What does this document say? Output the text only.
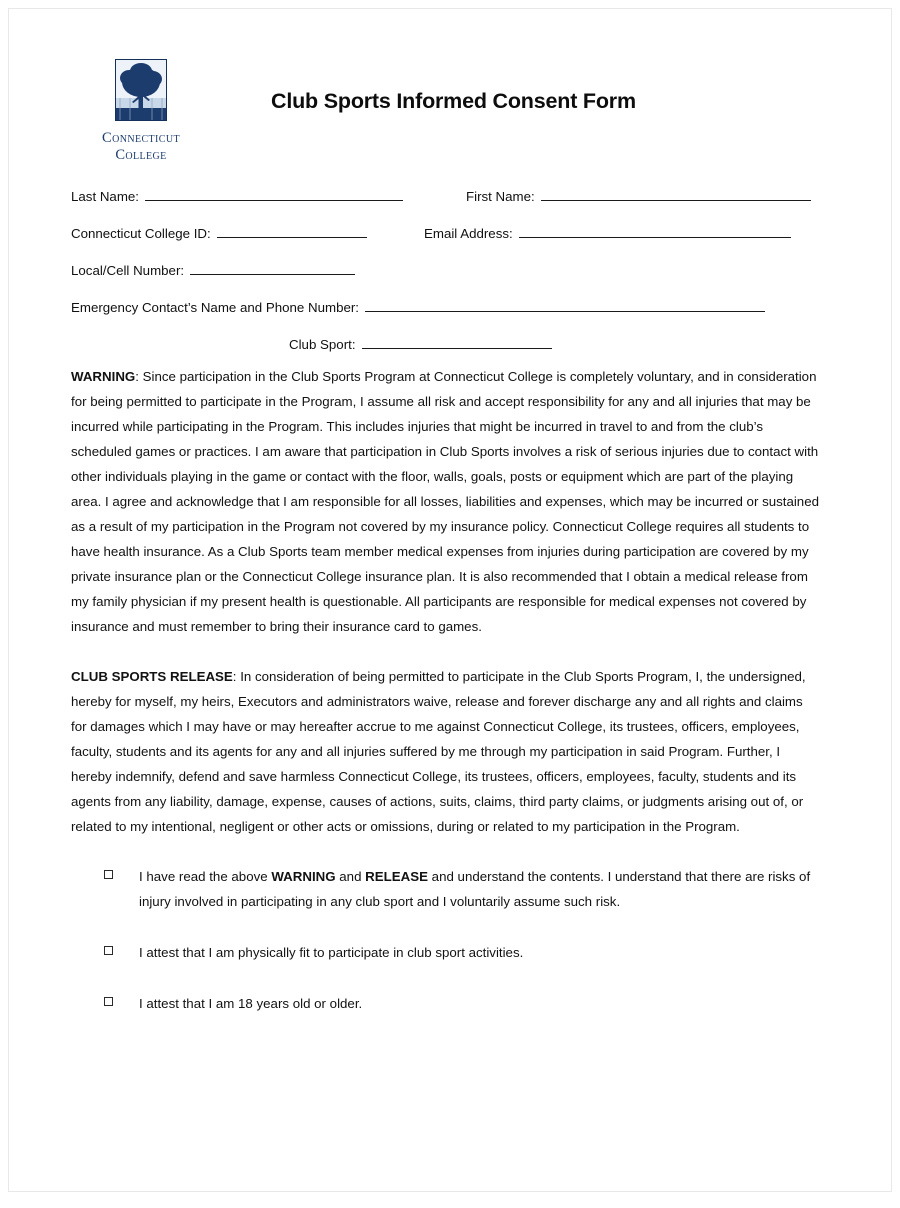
Connecticut
College
Club Sports Informed Consent Form
Last Name:	First Name:
Connecticut College ID:	Email Address:
Local/Cell Number:
Emergency Contact’s Name and Phone Number:
Club Sport:

WARNING: Since participation in the Club Sports Program at Connecticut College is completely voluntary, and in consideration for being permitted to participate in the Program, I assume all risk and accept responsibility for any and all injuries that may be incurred while participating in the Program. This includes injuries that might be incurred in travel to and from the club’s scheduled games or practices. I am aware that participation in Club Sports involves a risk of serious injuries due to contact with other individuals playing in the game or contact with the floor, walls, goals, posts or equipment which are part of the playing area. I agree and acknowledge that I am responsible for all losses, liabilities and expenses, which may be incurred or sustained as a result of my participation in the Program not covered by my insurance policy. Connecticut College requires all students to have health insurance. As a Club Sports team member medical expenses from injuries during participation are covered by my private insurance plan or the Connecticut College insurance plan. It is also recommended that I obtain a medical release from my family physician if my present health is questionable. All participants are responsible for medical expenses not covered by insurance and must remember to bring their insurance card to games.

CLUB SPORTS RELEASE: In consideration of being permitted to participate in the Club Sports Program, I, the undersigned, hereby for myself, my heirs, Executors and administrators waive, release and forever discharge any and all rights and claims for damages which I may have or may hereafter accrue to me against Connecticut College, its trustees, officers, employees, faculty, students and its agents for any and all injuries suffered by me through my participation in said Program. Further, I hereby indemnify, defend and save harmless Connecticut College, its trustees, officers, employees, faculty, students and its agents from any liability, damage, expense, causes of actions, suits, claims, third party claims, or judgments arising out of, or related to my intentional, negligent or other acts or omissions, during or related to my participation in the Program.

I have read the above WARNING and RELEASE and understand the contents. I understand that there are risks of injury involved in participating in any club sport and I voluntarily assume such risk.
I attest that I am physically fit to participate in club sport activities.
I attest that I am 18 years old or older.
